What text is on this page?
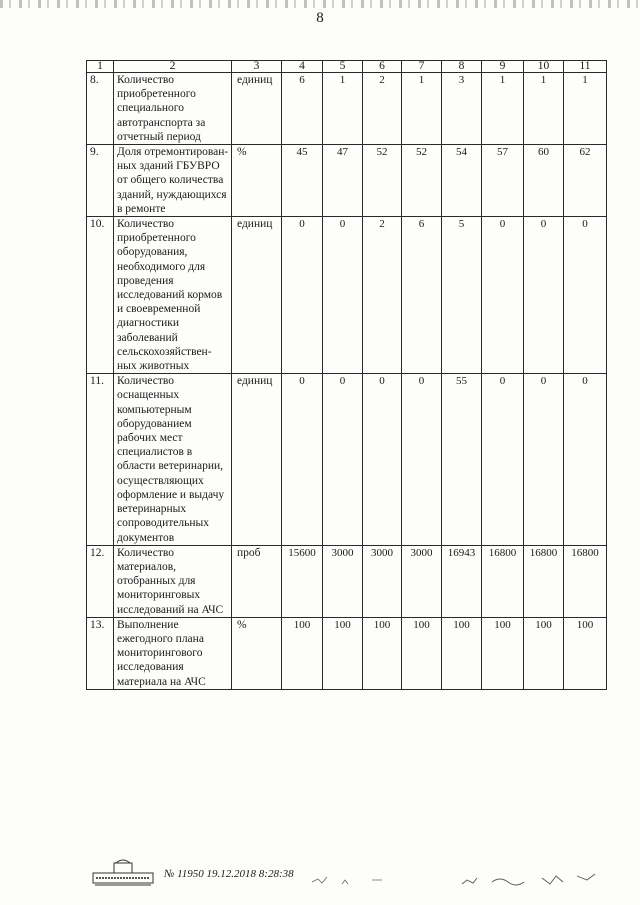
8
1	2	3	4	5	6	7	8	9	10	11
8.	Количество приобретенного специального автотранспорта за отчетный период	единиц	6	1	2	1	3	1	1	1
9.	Доля отремонтирован-ных зданий ГБУВРО от общего количества зданий, нуждающихся в ремонте	%	45	47	52	52	54	57	60	62
10.	Количество приобретенного оборудования, необходимого для проведения исследований кормов и своевременной диагностики заболеваний сельскохозяйствен-ных животных	единиц	0	0	2	6	5	0	0	0
11.	Количество оснащенных компьютерным оборудованием рабочих мест специалистов в области ветеринарии, осуществляющих оформление и выдачу ветеринарных сопроводительных документов	единиц	0	0	0	0	55	0	0	0
12.	Количество материалов, отобранных для мониторинговых исследований на АЧС	проб	15600	3000	3000	3000	16943	16800	16800	16800
13.	Выполнение ежегодного плана мониторингового исследования материала на АЧС	%	100	100	100	100	100	100	100	100
№ 11950 19.12.2018 8:28:38
